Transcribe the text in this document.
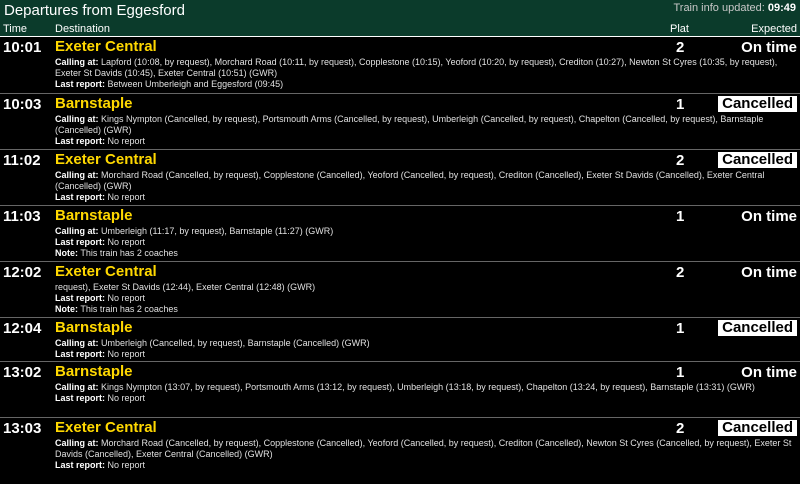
Departures from Eggesford	Train info updated: 09:49
Time	Destination	Plat	Expected
10:01 Exeter Central	2	On time
Calling at: Lapford (10:08, by request), Morchard Road (10:11, by request), Copplestone (10:15), Yeoford (10:20, by request), Crediton (10:27), Newton St Cyres (10:35, by request), Exeter St Davids (10:45), Exeter Central (10:51) (GWR)
Last report: Between Umberleigh and Eggesford (09:45)
10:03 Barnstaple	1	Cancelled
Calling at: Kings Nympton (Cancelled, by request), Portsmouth Arms (Cancelled, by request), Umberleigh (Cancelled, by request), Chapelton (Cancelled, by request), Barnstaple (Cancelled) (GWR)
Last report: No report
11:02 Exeter Central	2	Cancelled
Calling at: Morchard Road (Cancelled, by request), Copplestone (Cancelled), Yeoford (Cancelled, by request), Crediton (Cancelled), Exeter St Davids (Cancelled), Exeter Central (Cancelled) (GWR)
Last report: No report
11:03 Barnstaple	1	On time
Calling at: Umberleigh (11:17, by request), Barnstaple (11:27) (GWR)
Last report: No report
Note: This train has 2 coaches
12:02 Exeter Central	2	On time
request), Exeter St Davids (12:44), Exeter Central (12:48) (GWR)
Last report: No report
Note: This train has 2 coaches
12:04 Barnstaple	1	Cancelled
Calling at: Umberleigh (Cancelled, by request), Barnstaple (Cancelled) (GWR)
Last report: No report
13:02 Barnstaple	1	On time
Calling at: Kings Nympton (13:07, by request), Portsmouth Arms (13:12, by request), Umberleigh (13:18, by request), Chapelton (13:24, by request), Barnstaple (13:31) (GWR)
Last report: No report
13:03 Exeter Central	2	Cancelled
Calling at: Morchard Road (Cancelled, by request), Copplestone (Cancelled), Yeoford (Cancelled, by request), Crediton (Cancelled), Newton St Cyres (Cancelled, by request), Exeter St Davids (Cancelled), Exeter Central (Cancelled) (GWR)
Last report: No report
